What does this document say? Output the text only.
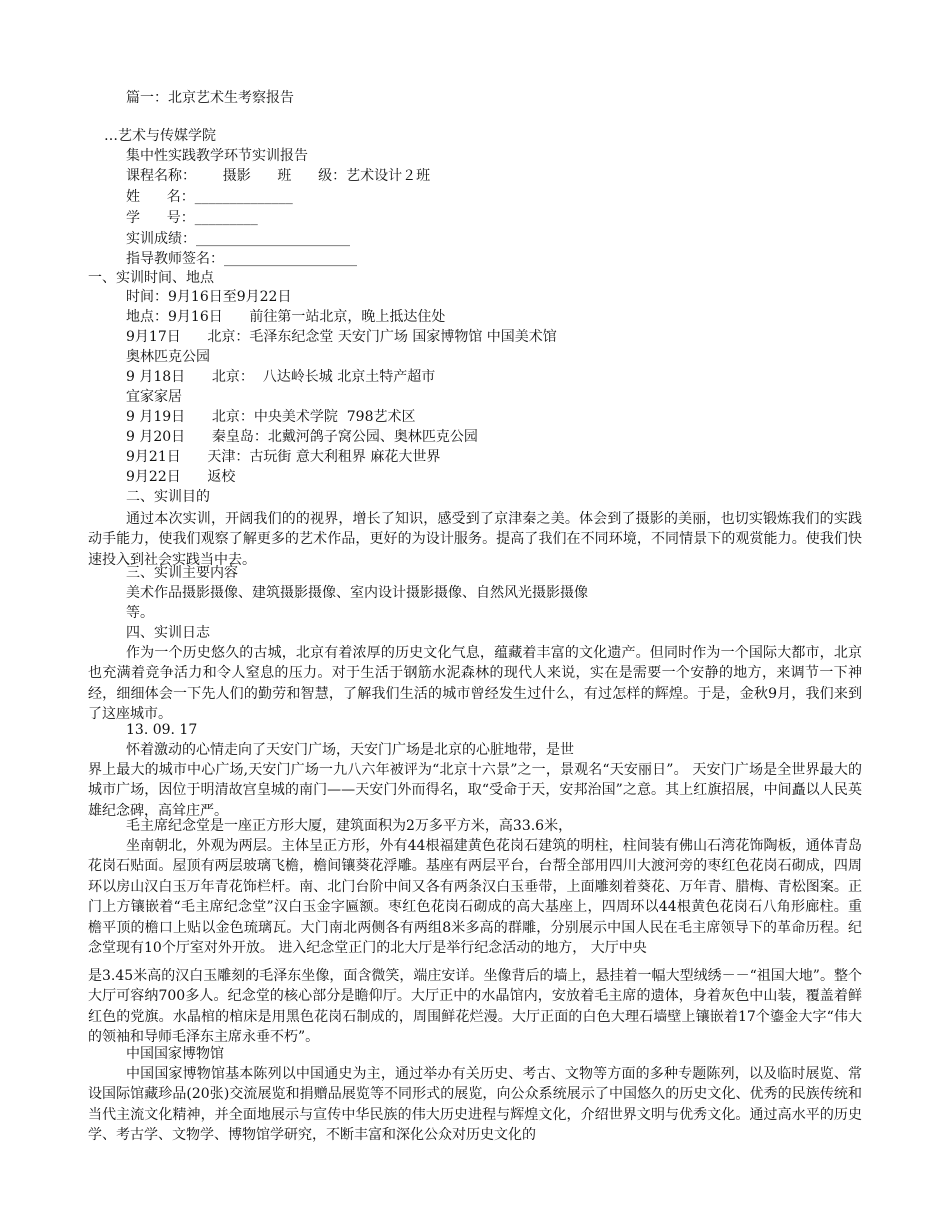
篇一：北京艺术生考察报告
…艺术与传媒学院
集中性实践教学环节实训报告
课程名称：      摄影      班      级：艺术设计２班
姓      名：______________
学      号：_________
实训成绩：______________________
指导教师签名：___________________
一、实训时间、地点
时间：9月16日至9月22日
地点：9月16日      前往第一站北京，晚上抵达住处
9月17日      北京：毛泽东纪念堂 天安门广场 国家博物馆 中国美术馆
奥林匹克公园
9 月18日      北京：  八达岭长城 北京土特产超市
宜家家居
9 月19日      北京：中央美术学院  798艺术区
9 月20日      秦皇岛：北戴河鸽子窝公园、奥林匹克公园
9月21日      天津：古玩街 意大利租界 麻花大世界
9月22日      返校
二、实训目的
通过本次实训，开阔我们的的视界，增长了知识，感受到了京津秦之美。体会到了摄影的美丽，也切实锻炼我们的实践动手能力，使我们观察了解更多的艺术作品，更好的为设计服务。提高了我们在不同环境，不同情景下的观赏能力。使我们快速投入到社会实践当中去。
三、实训主要内容
美术作品摄影摄像、建筑摄影摄像、室内设计摄影摄像、自然风光摄影摄像
等。
四、实训日志
作为一个历史悠久的古城，北京有着浓厚的历史文化气息，蕴藏着丰富的文化遗产。但同时作为一个国际大都市，北京也充满着竞争活力和令人窒息的压力。对于生活于钢筋水泥森林的现代人来说，实在是需要一个安静的地方，来调节一下神经，细细体会一下先人们的勤劳和智慧，了解我们生活的城市曾经发生过什么，有过怎样的辉煌。于是，金秋9月，我们来到了这座城市。
13. 09. 17
怀着激动的心情走向了天安门广场，天安门广场是北京的心脏地带，是世
界上最大的城市中心广场,天安门广场一九八六年被评为“北京十六景”之一，景观名“天安丽日”。 天安门广场是全世界最大的城市广场，因位于明清故宫皇城的南门——天安门外而得名，取“受命于天，安邦治国”之意。其上红旗招展，中间矗以人民英雄纪念碑，高耸庄严。
毛主席纪念堂是一座正方形大厦，建筑面积为2万多平方米，高33.6米，
坐南朝北，外观为两层。主体呈正方形，外有44根福建黄色花岗石建筑的明柱，柱间装有佛山石湾花饰陶板，通体青岛花岗石贴面。屋顶有两层玻璃飞檐，檐间镶葵花浮雕。基座有两层平台，台帮全部用四川大渡河旁的枣红色花岗石砌成，四周环以房山汉白玉万年青花饰栏杆。南、北门台阶中间又各有两条汉白玉垂带，上面雕刻着葵花、万年青、腊梅、青松图案。正门上方镶嵌着“毛主席纪念堂”汉白玉金字匾额。枣红色花岗石砌成的高大基座上，四周环以44根黄色花岗石八角形廊柱。重檐平顶的檐口上贴以金色琉璃瓦。大门南北两侧各有两组8米多高的群雕，分别展示中国人民在毛主席领导下的革命历程。纪念堂现有10个厅室对外开放。 进入纪念堂正门的北大厅是举行纪念活动的地方， 大厅中央
是3.45米高的汉白玉雕刻的毛泽东坐像，面含微笑，端庄安详。坐像背后的墙上，悬挂着一幅大型绒绣－－“祖国大地”。整个大厅可容纳700多人。纪念堂的核心部分是瞻仰厅。大厅正中的水晶馆内，安放着毛主席的遗体，身着灰色中山装，覆盖着鲜红色的党旗。水晶棺的棺床是用黑色花岗石制成的，周围鲜花烂漫。大厅正面的白色大理石墙壁上镶嵌着17个鎏金大字“伟大的领袖和导师毛泽东主席永垂不朽”。
中国国家博物馆
中国国家博物馆基本陈列以中国通史为主，通过举办有关历史、考古、文物等方面的多种专题陈列，以及临时展览、常设国际馆藏珍品(20张)交流展览和捐赠品展览等不同形式的展览，向公众系统展示了中国悠久的历史文化、优秀的民族传统和当代主流文化精神，并全面地展示与宣传中华民族的伟大历史进程与辉煌文化，介绍世界文明与优秀文化。通过高水平的历史学、考古学、文物学、博物馆学研究，不断丰富和深化公众对历史文化的
